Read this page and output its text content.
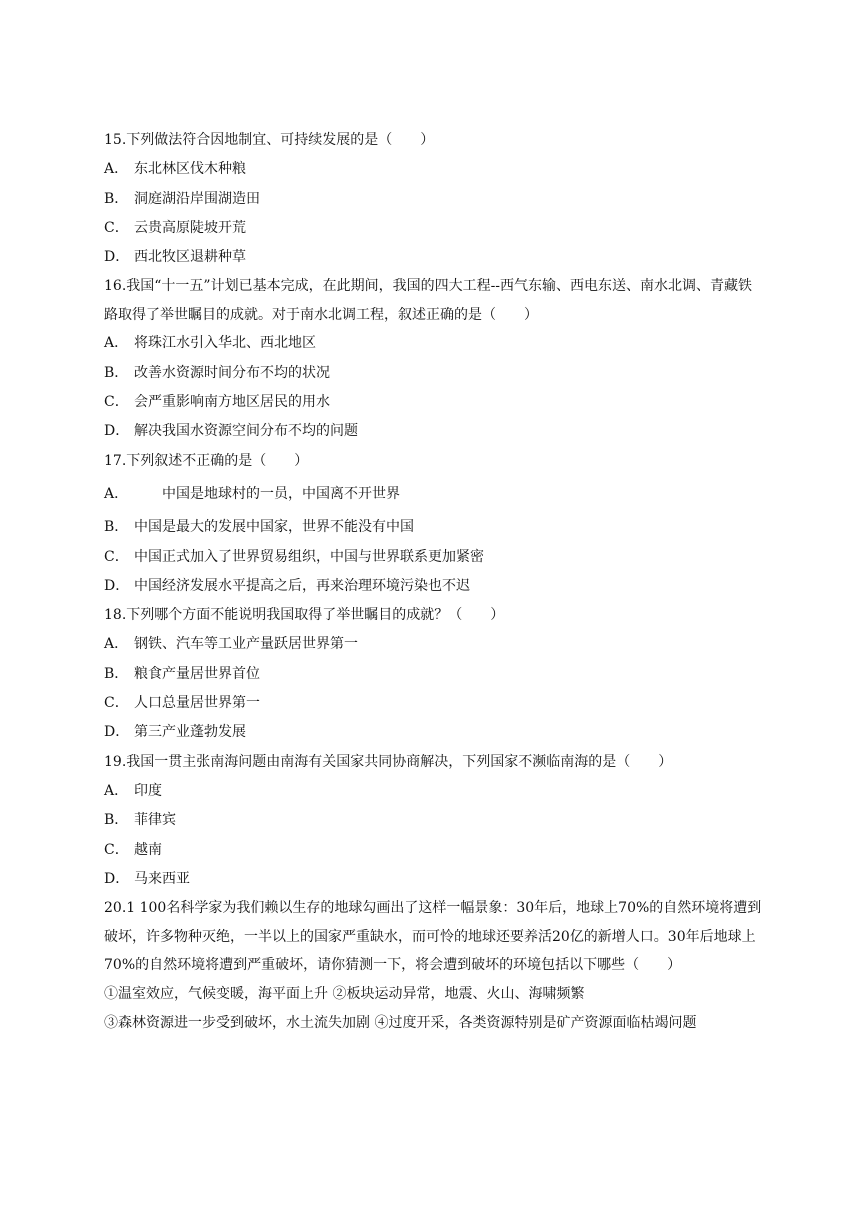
15.下列做法符合因地制宜、可持续发展的是（　　）
A． 东北林区伐木种粮
B． 洞庭湖沿岸围湖造田
C． 云贵高原陡坡开荒
D． 西北牧区退耕种草
16.我国“十一五”计划已基本完成，在此期间，我国的四大工程--西气东输、西电东送、南水北调、青藏铁路取得了举世瞩目的成就。对于南水北调工程，叙述正确的是（　　）
A． 将珠江水引入华北、西北地区
B． 改善水资源时间分布不均的状况
C． 会严重影响南方地区居民的用水
D． 解决我国水资源空间分布不均的问题
17.下列叙述不正确的是（　　）
A． 中国是地球村的一员，中国离不开世界
B． 中国是最大的发展中国家，世界不能没有中国
C． 中国正式加入了世界贸易组织，中国与世界联系更加紧密
D． 中国经济发展水平提高之后，再来治理环境污染也不迟
18.下列哪个方面不能说明我国取得了举世瞩目的成就？（　　）
A． 钢铁、汽车等工业产量跃居世界第一
B． 粮食产量居世界首位
C． 人口总量居世界第一
D． 第三产业蓬勃发展
19.我国一贯主张南海问题由南海有关国家共同协商解决，下列国家不濒临南海的是（　　）
A． 印度
B． 菲律宾
C． 越南
D． 马来西亚
20.1 100名科学家为我们赖以生存的地球勾画出了这样一幅景象：30年后，地球上70%的自然环境将遭到破坏，许多物种灭绝，一半以上的国家严重缺水，而可怜的地球还要养活20亿的新增人口。30年后地球上70%的自然环境将遭到严重破坏，请你猜测一下，将会遭到破坏的环境包括以下哪些（　　）
①温室效应，气候变暖，海平面上升 ②板块运动异常，地震、火山、海啸频繁
③森林资源进一步受到破坏，水土流失加剧 ④过度开采，各类资源特别是矿产资源面临枯竭问题
